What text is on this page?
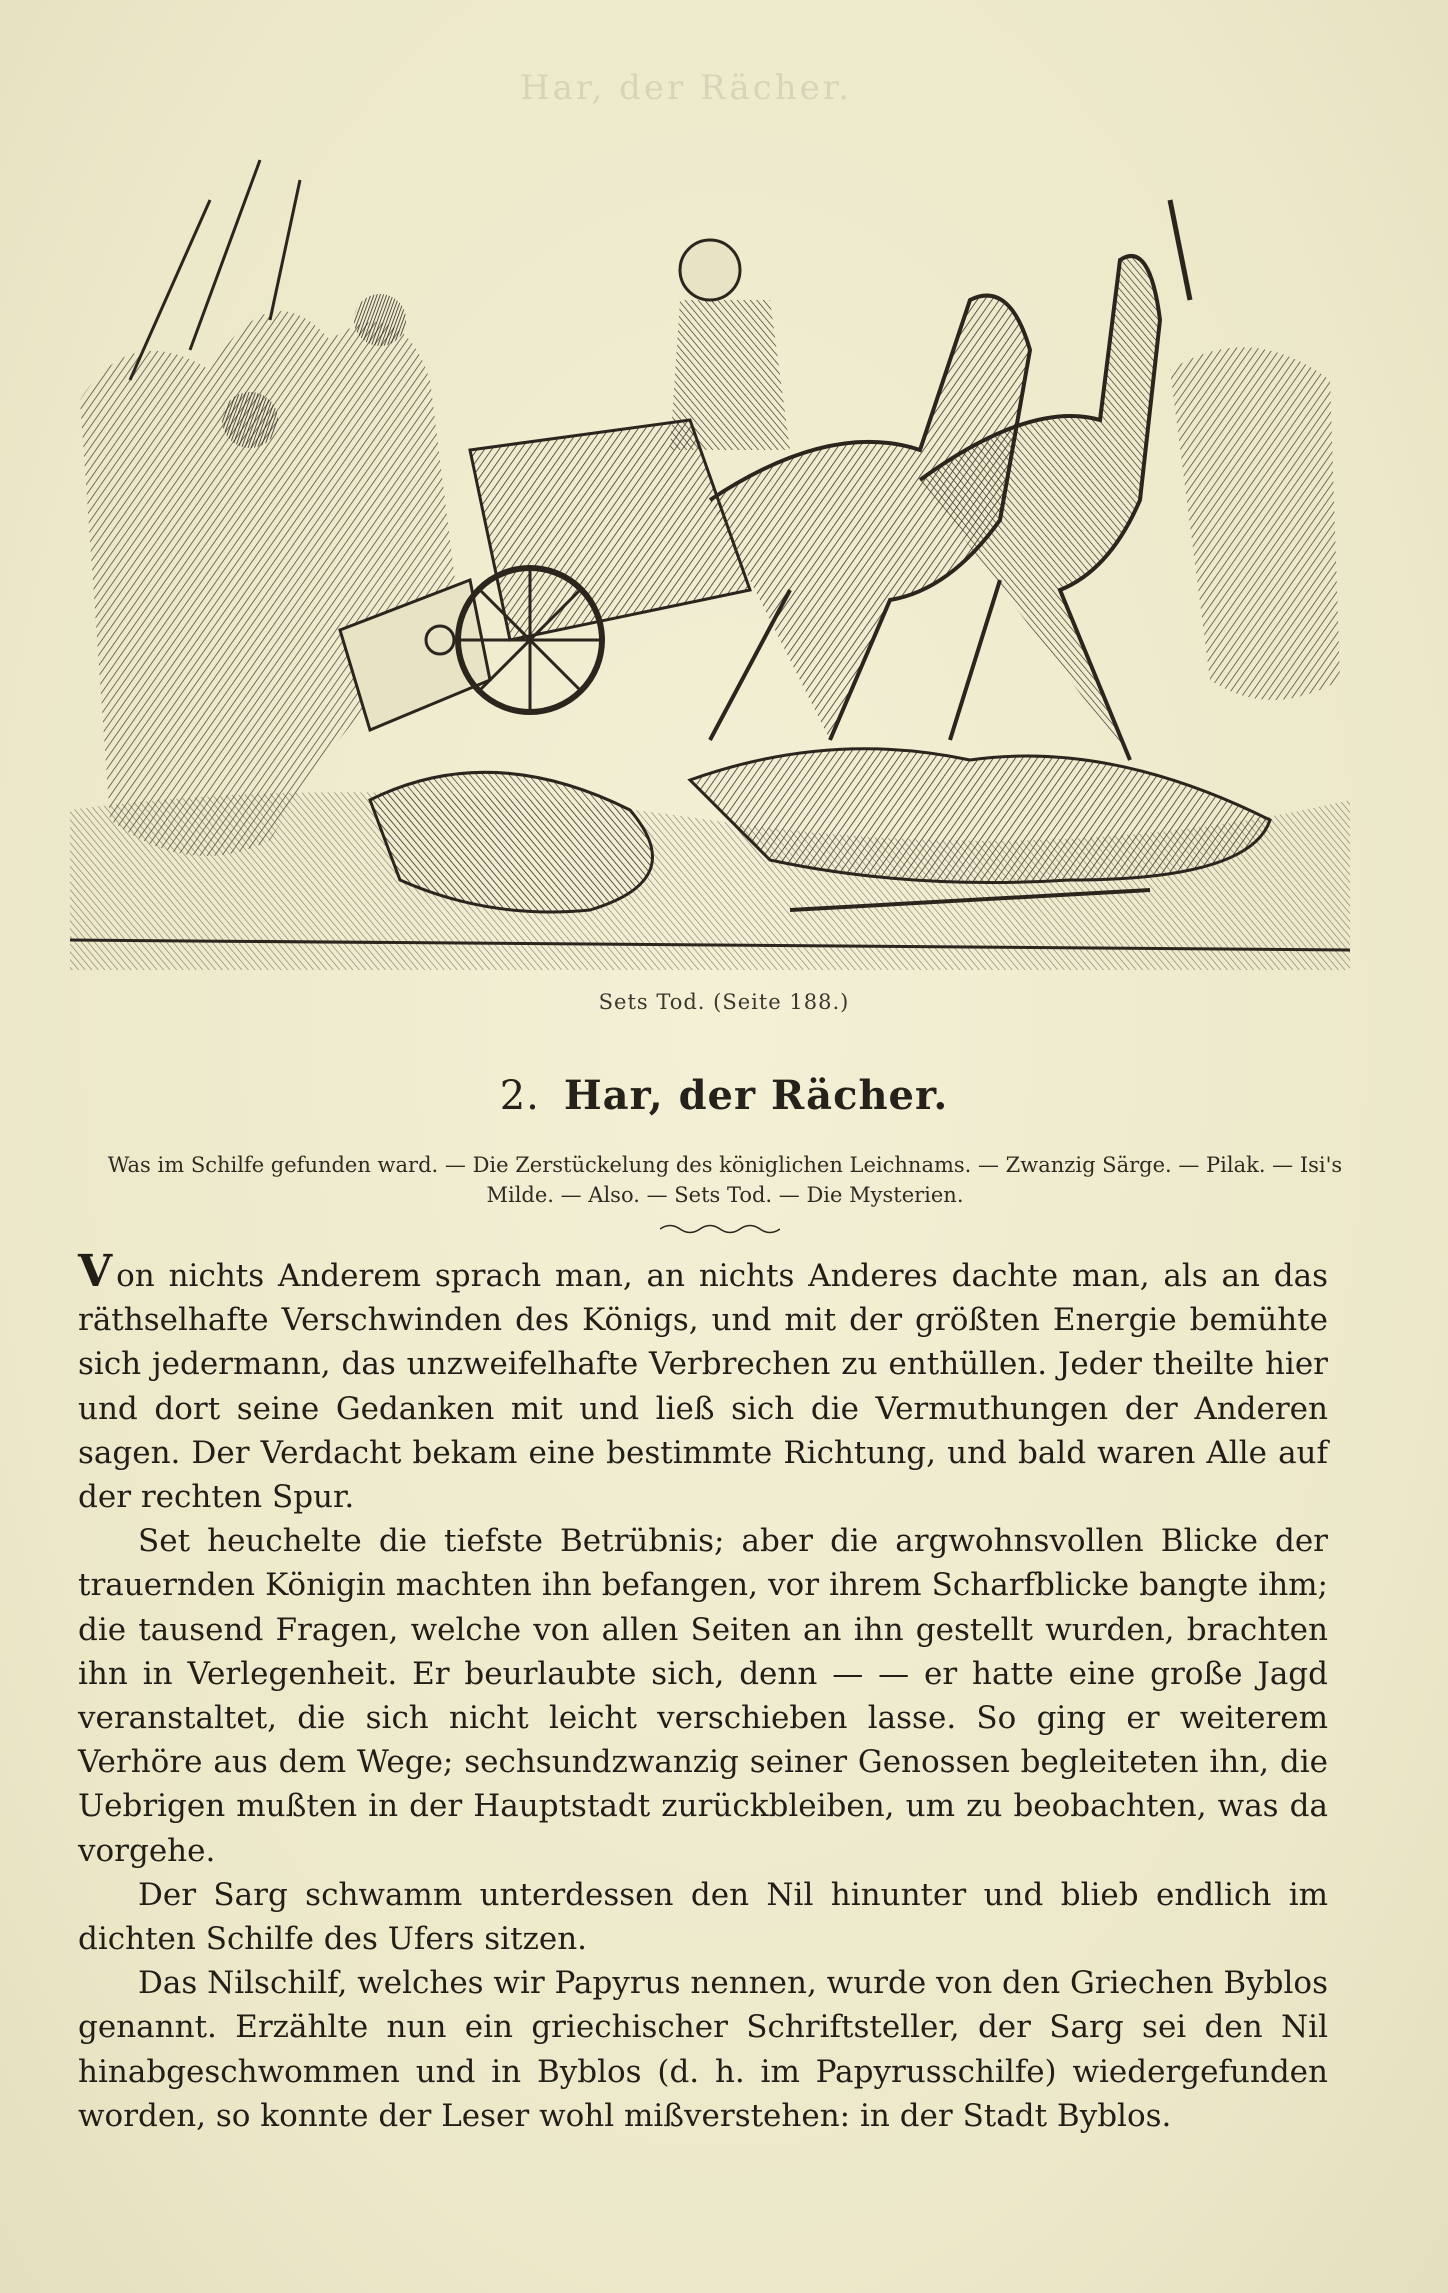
Har, der Rächer.
Sets Tod. (Seite 188.)
2. Har, der Rächer.
Was im Schilfe gefunden ward. — Die Zerstückelung des königlichen Leichnams. — Zwanzig Särge. — Pilak. — Isi's Milde. — Also. — Sets Tod. — Die Mysterien.

V on nichts Anderem sprach man, an nichts Anderes dachte man, als an das räthselhafte Verschwinden des Königs, und mit der größten Energie bemühte sich jedermann, das unzweifelhafte Verbrechen zu enthüllen. Jeder theilte hier und dort seine Gedanken mit und ließ sich die Vermuthungen der Anderen sagen. Der Verdacht bekam eine bestimmte Richtung, und bald waren Alle auf der rechten Spur.

Set heuchelte die tiefste Betrübnis; aber die argwohnsvollen Blicke der trauernden Königin machten ihn befangen, vor ihrem Scharfblicke bangte ihm; die tausend Fragen, welche von allen Seiten an ihn gestellt wurden, brachten ihn in Verlegenheit. Er beurlaubte sich, denn — — er hatte eine große Jagd veranstaltet, die sich nicht leicht verschieben lasse. So ging er weiterem Verhöre aus dem Wege; sechsundzwanzig seiner Genossen begleiteten ihn, die Uebrigen mußten in der Hauptstadt zurückbleiben, um zu beobachten, was da vorgehe.

Der Sarg schwamm unterdessen den Nil hinunter und blieb endlich im dichten Schilfe des Ufers sitzen.

Das Nilschilf, welches wir Papyrus nennen, wurde von den Griechen Byblos genannt. Erzählte nun ein griechischer Schriftsteller, der Sarg sei den Nil hinabgeschwommen und in Byblos (d. h. im Papyrusschilfe) wiedergefunden worden, so konnte der Leser wohl mißverstehen: in der Stadt Byblos.
